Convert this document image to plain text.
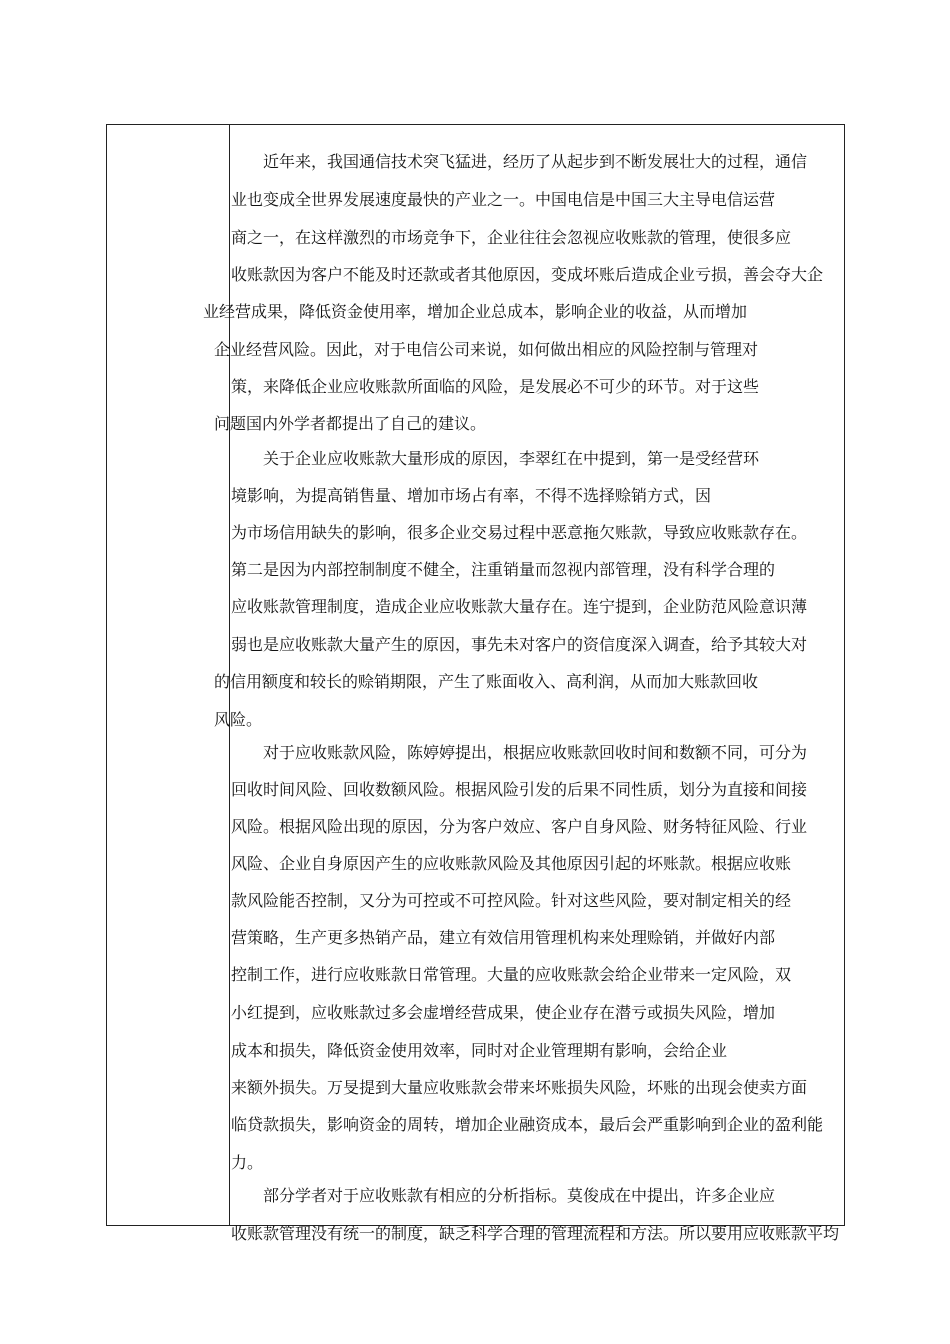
近年来，我国通信技术突飞猛进，经历了从起步到不断发展壮大的过程，通信
业也变成全世界发展速度最快的产业之一。中国电信是中国三大主导电信运营
商之一，在这样激烈的市场竞争下，企业往往会忽视应收账款的管理，使很多应
收账款因为客户不能及时还款或者其他原因，变成坏账后造成企业亏损，善会夺大企
业经营成果，降低资金使用率，增加企业总成本，影响企业的收益，从而增加
企业经营风险。因此，对于电信公司来说，如何做出相应的风险控制与管理对
策，来降低企业应收账款所面临的风险，是发展必不可少的环节。对于这些
问题国内外学者都提出了自己的建议。
关于企业应收账款大量形成的原因，李翠红在中提到，第一是受经营环
境影响，为提高销售量、增加市场占有率，不得不选择赊销方式，因
为市场信用缺失的影响，很多企业交易过程中恶意拖欠账款，导致应收账款存在。
第二是因为内部控制制度不健全，注重销量而忽视内部管理，没有科学合理的
应收账款管理制度，造成企业应收账款大量存在。连宁提到，企业防范风险意识薄
弱也是应收账款大量产生的原因，事先未对客户的资信度深入调查，给予其较大对
的信用额度和较长的赊销期限，产生了账面收入、高利润，从而加大账款回收
风险。
对于应收账款风险，陈婷婷提出，根据应收账款回收时间和数额不同，可分为
回收时间风险、回收数额风险。根据风险引发的后果不同性质，划分为直接和间接
风险。根据风险出现的原因，分为客户效应、客户自身风险、财务特征风险、行业
风险、企业自身原因产生的应收账款风险及其他原因引起的坏账款。根据应收账
款风险能否控制，又分为可控或不可控风险。针对这些风险，要对制定相关的经
营策略，生产更多热销产品，建立有效信用管理机构来处理赊销，并做好内部
控制工作，进行应收账款日常管理。大量的应收账款会给企业带来一定风险，双
小红提到，应收账款过多会虚增经营成果，使企业存在潜亏或损失风险，增加
成本和损失，降低资金使用效率，同时对企业管理期有影响，会给企业
来额外损失。万旻提到大量应收账款会带来坏账损失风险，坏账的出现会使卖方面
临贷款损失，影响资金的周转，增加企业融资成本，最后会严重影响到企业的盈利能
力。
部分学者对于应收账款有相应的分析指标。莫俊成在中提出，许多企业应
收账款管理没有统一的制度，缺乏科学合理的管理流程和方法。所以要用应收账款平均
